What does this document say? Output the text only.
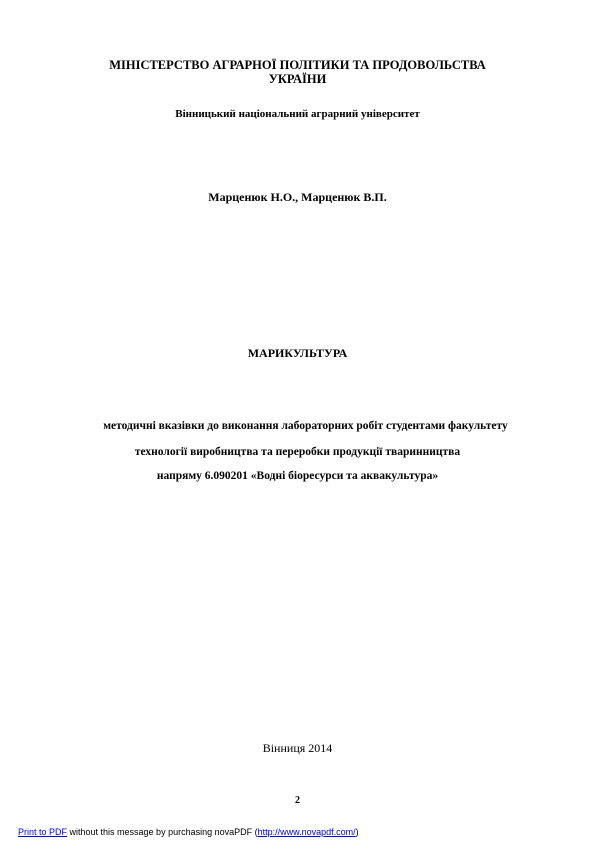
МІНІСТЕРСТВО АГРАРНОЇ ПОЛІТИКИ ТА ПРОДОВОЛЬСТВА
УКРАЇНИ
Вінницький національний аграрний університет
Марценюк Н.О., Марценюк В.П.
МАРИКУЛЬТУРА
методичні вказівки до виконання лабораторних робіт студентами факультету
технології виробництва та переробки продукції тваринництва
напряму 6.090201 «Водні біоресурси та аквакультура»
Вінниця 2014
2
Print to PDF without this message by purchasing novaPDF (http://www.novapdf.com/)
